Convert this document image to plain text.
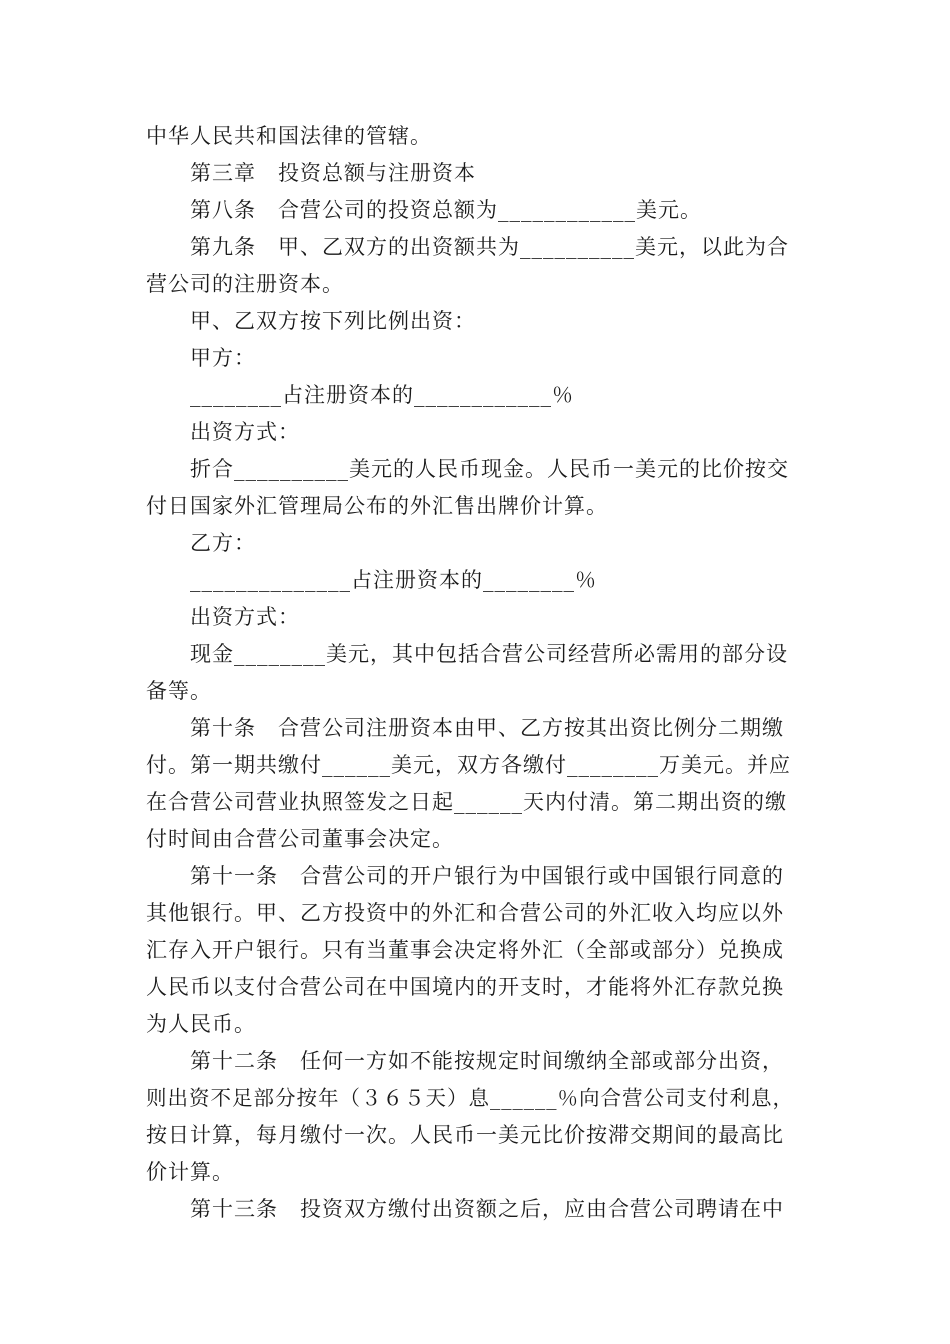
中华人民共和国法律的管辖。
第三章　投资总额与注册资本
第八条　合营公司的投资总额为____________美元。
第九条　甲、乙双方的出资额共为__________美元，以此为合
营公司的注册资本。
甲、乙双方按下列比例出资：
甲方：
________占注册资本的____________％
出资方式：
折合__________美元的人民币现金。人民币一美元的比价按交
付日国家外汇管理局公布的外汇售出牌价计算。
乙方：
______________占注册资本的________％
出资方式：
现金________美元，其中包括合营公司经营所必需用的部分设
备等。
第十条　合营公司注册资本由甲、乙方按其出资比例分二期缴
付。第一期共缴付______美元，双方各缴付________万美元。并应
在合营公司营业执照签发之日起______天内付清。第二期出资的缴
付时间由合营公司董事会决定。
第十一条　合营公司的开户银行为中国银行或中国银行同意的
其他银行。甲、乙方投资中的外汇和合营公司的外汇收入均应以外
汇存入开户银行。只有当董事会决定将外汇（全部或部分）兑换成
人民币以支付合营公司在中国境内的开支时，才能将外汇存款兑换
为人民币。
第十二条　任何一方如不能按规定时间缴纳全部或部分出资，
则出资不足部分按年（３６５天）息______％向合营公司支付利息，
按日计算，每月缴付一次。人民币一美元比价按滞交期间的最高比
价计算。
第十三条　投资双方缴付出资额之后，应由合营公司聘请在中
